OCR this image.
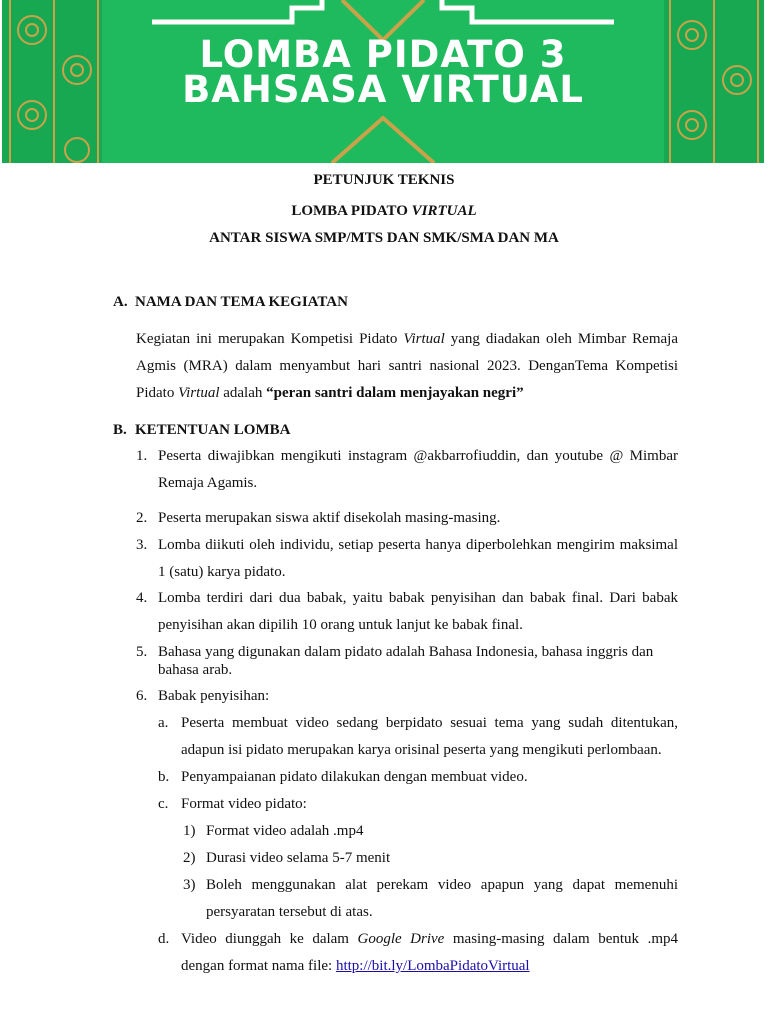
LOMBA PIDATO 3
BAHSASA VIRTUAL
PETUNJUK TEKNIS
LOMBA PIDATO VIRTUAL
ANTAR SISWA SMP/MTS DAN SMK/SMA DAN MA
A. NAMA DAN TEMA KEGIATAN
Kegiatan ini merupakan Kompetisi Pidato Virtual yang diadakan oleh Mimbar Remaja Agmis (MRA) dalam menyambut hari santri nasional 2023. DenganTema Kompetisi Pidato Virtual adalah “peran santri dalam menjayakan negri”
B. KETENTUAN LOMBA
1. Peserta diwajibkan mengikuti instagram @akbarrofiuddin, dan youtube @ Mimbar Remaja Agamis.
2. Peserta merupakan siswa aktif disekolah masing-masing.
3. Lomba diikuti oleh individu, setiap peserta hanya diperbolehkan mengirim maksimal 1 (satu) karya pidato.
4. Lomba terdiri dari dua babak, yaitu babak penyisihan dan babak final. Dari babak penyisihan akan dipilih 10 orang untuk lanjut ke babak final.
5. Bahasa yang digunakan dalam pidato adalah Bahasa Indonesia, bahasa inggris dan bahasa arab.
6. Babak penyisihan:
a. Peserta membuat video sedang berpidato sesuai tema yang sudah ditentukan, adapun isi pidato merupakan karya orisinal peserta yang mengikuti perlombaan.
b. Penyampaianan pidato dilakukan dengan membuat video.
c. Format video pidato:
1) Format video adalah .mp4
2) Durasi video selama 5-7 menit
3) Boleh menggunakan alat perekam video apapun yang dapat memenuhi persyaratan tersebut di atas.
d. Video diunggah ke dalam Google Drive masing-masing dalam bentuk .mp4 dengan format nama file: http://bit.ly/LombaPidatoVirtual
